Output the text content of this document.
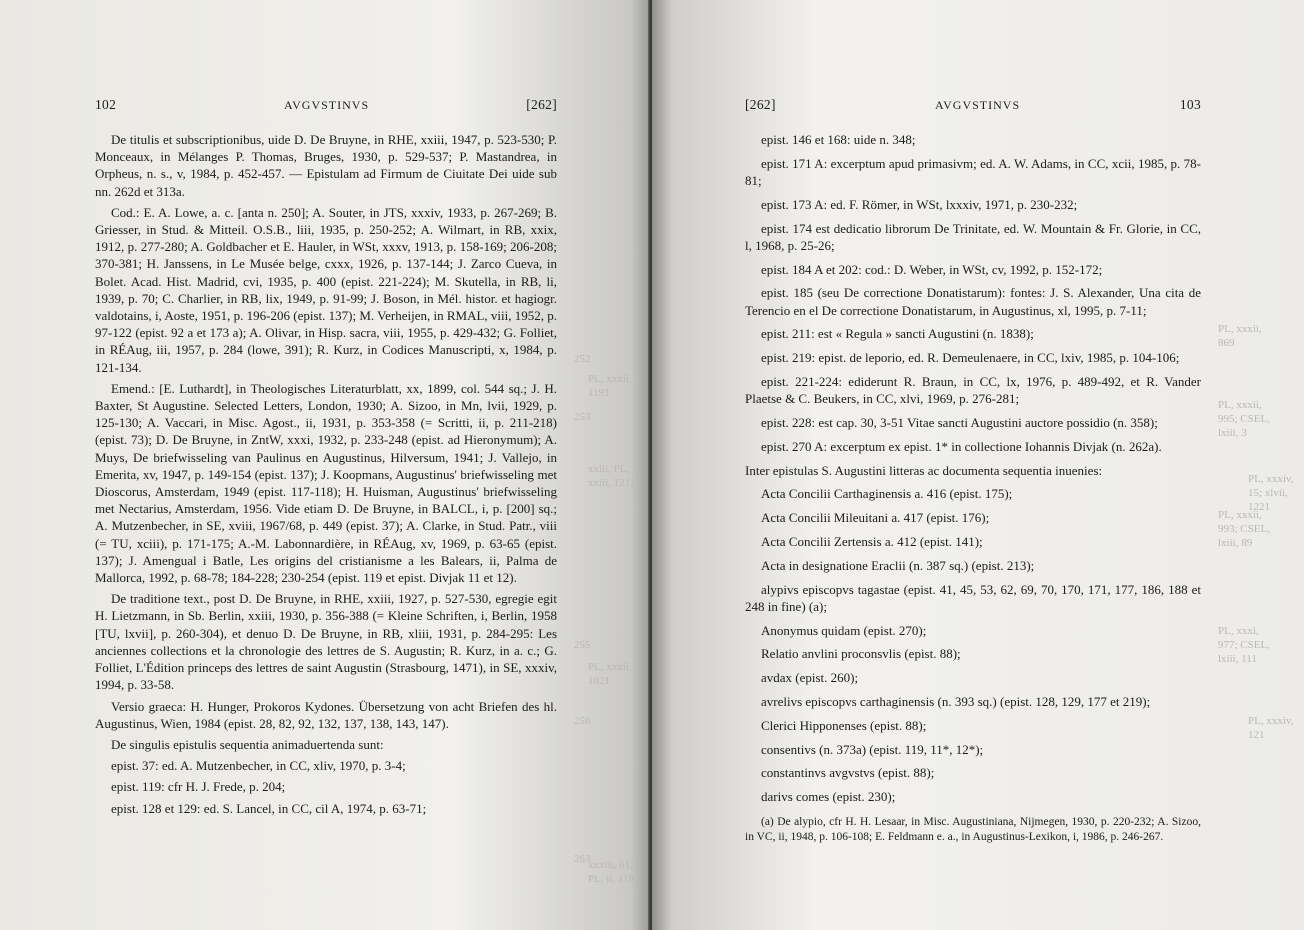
102	AVGVSTINVS	[262]

De titulis et subscriptionibus, uide D. De Bruyne, in RHE, xxiii, 1947, p. 523-530; P. Monceaux, in Mélanges P. Thomas, Bruges, 1930, p. 529-537; P. Mastandrea, in Orpheus, n. s., v, 1984, p. 452-457. — Epistulam ad Firmum de Ciuitate Dei uide sub nn. 262d et 313a.

Cod.: E. A. Lowe, a. c. [anta n. 250]; A. Souter, in JTS, xxxiv, 1933, p. 267-269; B. Griesser, in Stud. & Mitteil. O.S.B., liii, 1935, p. 250-252; A. Wilmart, in RB, xxix, 1912, p. 277-280; A. Goldbacher et E. Hauler, in WSt, xxxv, 1913, p. 158-169; 206-208; 370-381; H. Janssens, in Le Musée belge, cxxx, 1926, p. 137-144; J. Zarco Cueva, in Bolet. Acad. Hist. Madrid, cvi, 1935, p. 400 (epist. 221-224); M. Skutella, in RB, li, 1939, p. 70; C. Charlier, in RB, lix, 1949, p. 91-99; J. Boson, in Mél. histor. et hagiogr. valdotains, i, Aoste, 1951, p. 196-206 (epist. 137); M. Verheijen, in RMAL, viii, 1952, p. 97-122 (epist. 92 a et 173 a); A. Olivar, in Hisp. sacra, viii, 1955, p. 429-432; G. Folliet, in RÉAug, iii, 1957, p. 284 (lowe, 391); R. Kurz, in Codices Manuscripti, x, 1984, p. 121-134.

Emend.: [E. Luthardt], in Theologisches Literaturblatt, xx, 1899, col. 544 sq.; J. H. Baxter, St Augustine. Selected Letters, London, 1930; A. Sizoo, in Mn, lvii, 1929, p. 125-130; A. Vaccari, in Misc. Agost., ii, 1931, p. 353-358 (= Scritti, ii, p. 211-218) (epist. 73); D. De Bruyne, in ZntW, xxxi, 1932, p. 233-248 (epist. ad Hieronymum); A. Muys, De briefwisseling van Paulinus en Augustinus, Hilversum, 1941; J. Vallejo, in Emerita, xv, 1947, p. 149-154 (epist. 137); J. Koopmans, Augustinus' briefwisseling met Dioscorus, Amsterdam, 1949 (epist. 117-118); H. Huisman, Augustinus' briefwisseling met Nectarius, Amsterdam, 1956. Vide etiam D. De Bruyne, in BALCL, i, p. [200] sq.; A. Mutzenbecher, in SE, xviii, 1967/68, p. 449 (epist. 37); A. Clarke, in Stud. Patr., viii (= TU, xciii), p. 171-175; A.-M. Labonnardière, in RÉAug, xv, 1969, p. 63-65 (epist. 137); J. Amengual i Batle, Les origins del cristianisme a les Balears, ii, Palma de Mallorca, 1992, p. 68-78; 184-228; 230-254 (epist. 119 et epist. Divjak 11 et 12).

De traditione text., post D. De Bruyne, in RHE, xxiii, 1927, p. 527-530, egregie egit H. Lietzmann, in Sb. Berlin, xxiii, 1930, p. 356-388 (= Kleine Schriften, i, Berlin, 1958 [TU, lxvii], p. 260-304), et denuo D. De Bruyne, in RB, xliii, 1931, p. 284-295: Les anciennes collections et la chronologie des lettres de S. Augustin; R. Kurz, in a. c.; G. Folliet, L'Édition princeps des lettres de saint Augustin (Strasbourg, 1471), in SE, xxxiv, 1994, p. 33-58.

Versio graeca: H. Hunger, Prokoros Kydones. Übersetzung von acht Briefen des hl. Augustinus, Wien, 1984 (epist. 28, 82, 92, 132, 137, 138, 143, 147).

De singulis epistulis sequentia animaduertenda sunt:

epist. 37: ed. A. Mutzenbecher, in CC, xliv, 1970, p. 3-4;

epist. 119: cfr H. J. Frede, p. 204;

epist. 128 et 129: ed. S. Lancel, in CC, cil A, 1974, p. 63-71;

252
PL, xxxii, 1191
253
xxiii, PL, xxiii, 1211
255
PL, xxxii, 1021
256
263
xxxiii, 61; PL, ii, 119
[262]	AVGVSTINVS	103

epist. 146 et 168: uide n. 348;

epist. 171 A: excerptum apud primasivm; ed. A. W. Adams, in CC, xcii, 1985, p. 78-81;

epist. 173 A: ed. F. Römer, in WSt, lxxxiv, 1971, p. 230-232;

epist. 174 est dedicatio librorum De Trinitate, ed. W. Mountain & Fr. Glorie, in CC, l, 1968, p. 25-26;

epist. 184 A et 202: cod.: D. Weber, in WSt, cv, 1992, p. 152-172;

epist. 185 (seu De correctione Donatistarum): fontes: J. S. Alexander, Una cita de Terencio en el De correctione Donatistarum, in Augustinus, xl, 1995, p. 7-11;

epist. 211: est « Regula » sancti Augustini (n. 1838);

epist. 219: epist. de leporio, ed. R. Demeulenaere, in CC, lxiv, 1985, p. 104-106;

epist. 221-224: ediderunt R. Braun, in CC, lx, 1976, p. 489-492, et R. Vander Plaetse & C. Beukers, in CC, xlvi, 1969, p. 276-281;

epist. 228: est cap. 30, 3-51 Vitae sancti Augustini auctore possidio (n. 358);

epist. 270 A: excerptum ex epist. 1* in collectione Iohannis Divjak (n. 262a).

Inter epistulas S. Augustini litteras ac documenta sequentia inuenies:

Acta Concilii Carthaginensis a. 416 (epist. 175);

Acta Concilii Mileuitani a. 417 (epist. 176);

Acta Concilii Zertensis a. 412 (epist. 141);

Acta in designatione Eraclii (n. 387 sq.) (epist. 213);

alypivs episcopvs tagastae (epist. 41, 45, 53, 62, 69, 70, 170, 171, 177, 186, 188 et 248 in fine) (a);

Anonymus quidam (epist. 270);

Relatio anvlini proconsvlis (epist. 88);

avdax (epist. 260);

avrelivs episcopvs carthaginensis (n. 393 sq.) (epist. 128, 129, 177 et 219);

Clerici Hipponenses (epist. 88);

consentivs (n. 373a) (epist. 119, 11*, 12*);

constantinvs avgvstvs (epist. 88);

darivs comes (epist. 230);

(a) De alypio, cfr H. H. Lesaar, in Misc. Augustiniana, Nijmegen, 1930, p. 220-232; A. Sizoo, in VC, ii, 1948, p. 106-108; E. Feldmann e. a., in Augustinus-Lexikon, i, 1986, p. 246-267.

PL, xxxii, 869
PL, xxxii, 995; CSEL, lxiii, 3
PL, xxxiv, 15; xlvii, 1221
PL, xxxii, 993; CSEL, lxiii, 89
PL, xxxi, 977; CSEL, lxiii, 111
PL, xxxiv, 121
